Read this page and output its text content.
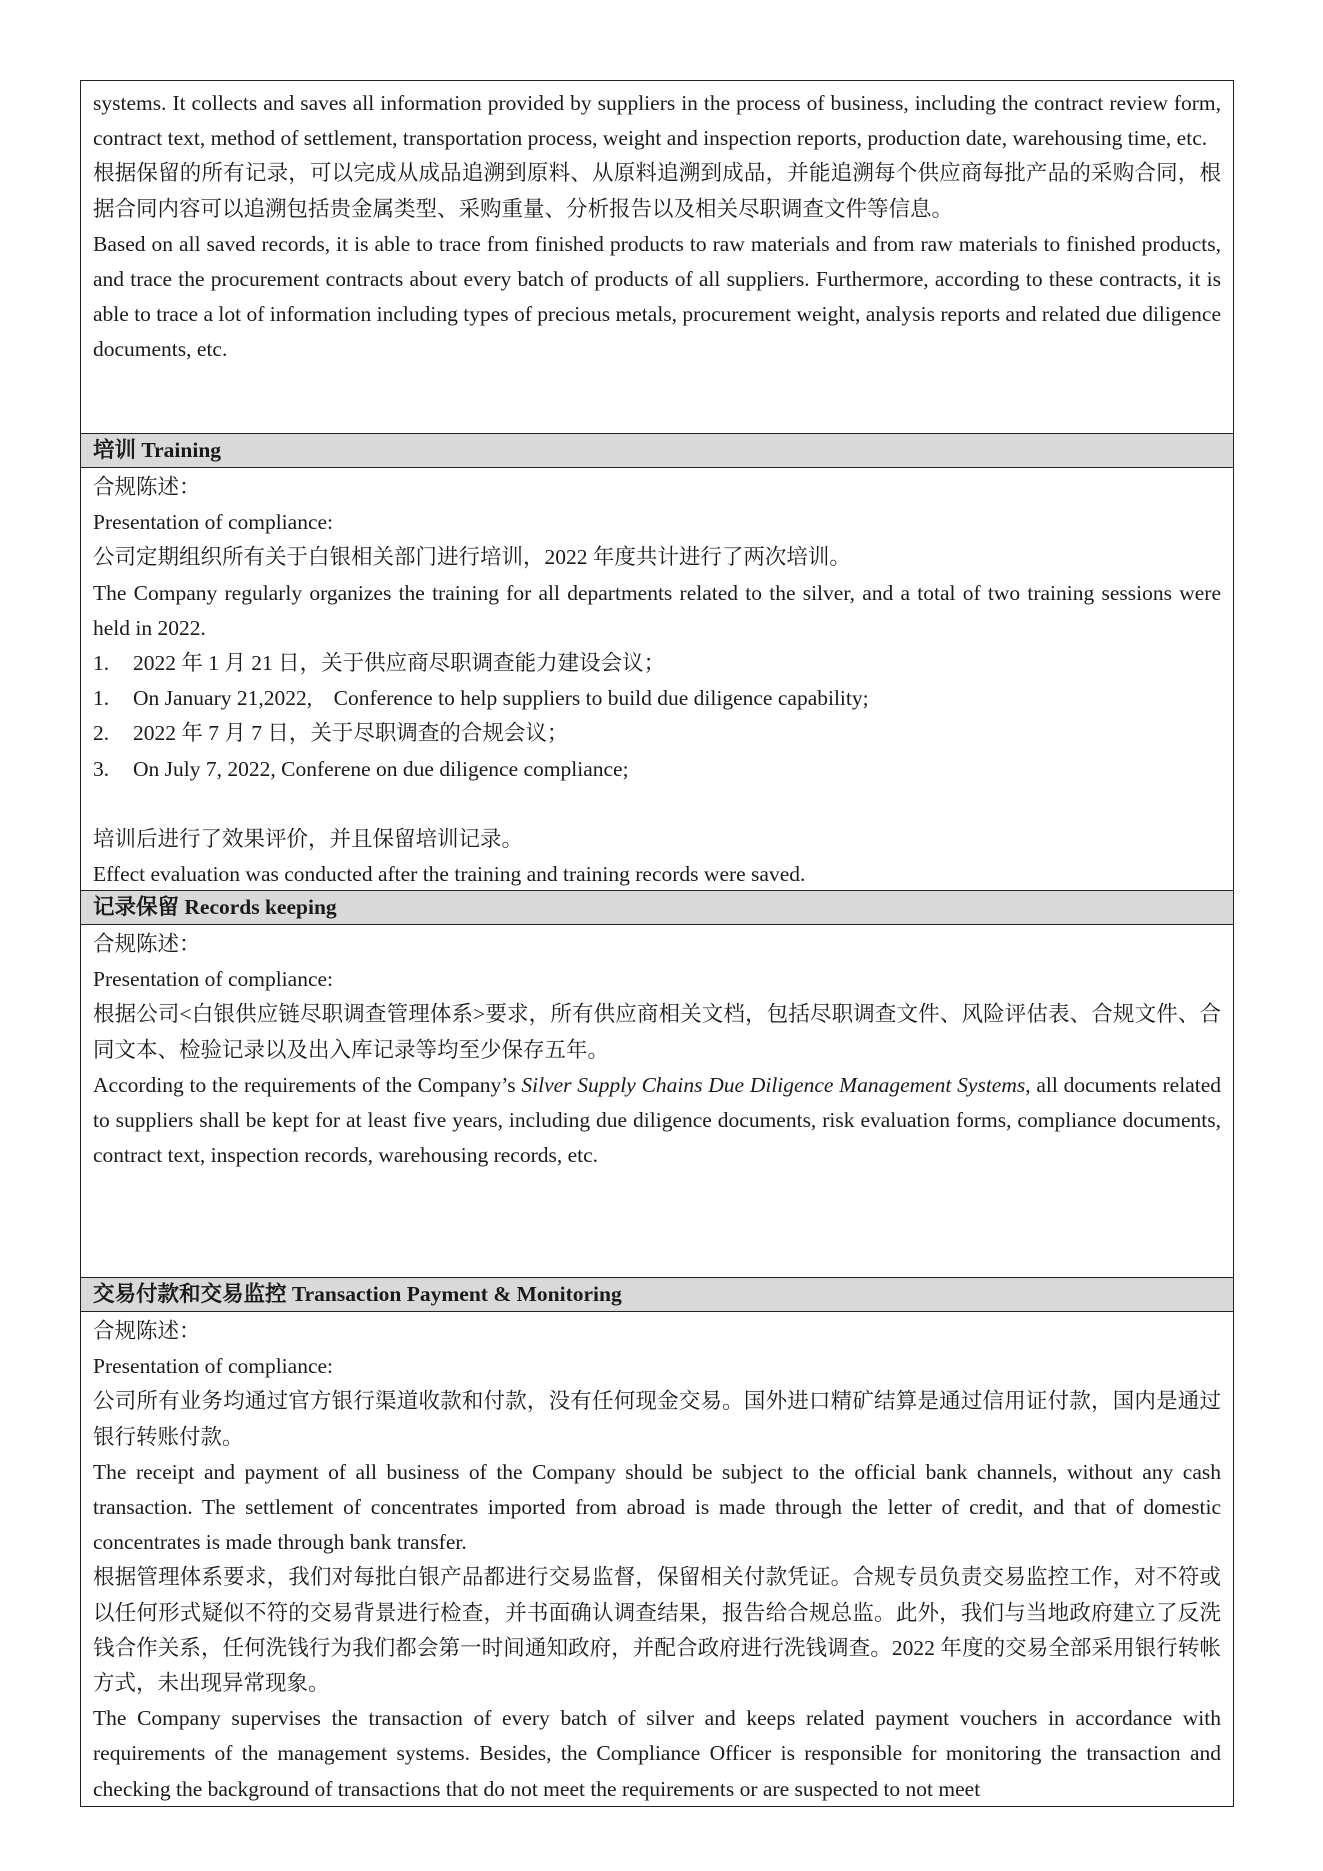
systems. It collects and saves all information provided by suppliers in the process of business, including the contract review form, contract text, method of settlement, transportation process, weight and inspection reports, production date, warehousing time, etc.

根据保留的所有记录，可以完成从成品追溯到原料、从原料追溯到成品，并能追溯每个供应商每批产品的采购合同，根据合同内容可以追溯包括贵金属类型、采购重量、分析报告以及相关尽职调查文件等信息。

Based on all saved records, it is able to trace from finished products to raw materials and from raw materials to finished products, and trace the procurement contracts about every batch of products of all suppliers. Furthermore, according to these contracts, it is able to trace a lot of information including types of precious metals, procurement weight, analysis reports and related due diligence documents, etc.

培训 Training

合规陈述：

Presentation of compliance:

公司定期组织所有关于白银相关部门进行培训，2022 年度共计进行了两次培训。

The Company regularly organizes the training for all departments related to the silver, and a total of two training sessions were held in 2022.

1.	2022 年 1 月 21 日，关于供应商尽职调查能力建设会议；
1.	On January 21,2022,    Conference to help suppliers to build due diligence capability;
2.	2022 年 7 月 7 日，关于尽职调查的合规会议；
3.	On July 7, 2022, Conferene on due diligence compliance;

培训后进行了效果评价，并且保留培训记录。

Effect evaluation was conducted after the training and training records were saved.

记录保留 Records keeping

合规陈述：

Presentation of compliance:

根据公司<白银供应链尽职调查管理体系>要求，所有供应商相关文档，包括尽职调查文件、风险评估表、合规文件、合同文本、检验记录以及出入库记录等均至少保存五年。

According to the requirements of the Company’s Silver Supply Chains Due Diligence Management Systems, all documents related to suppliers shall be kept for at least five years, including due diligence documents, risk evaluation forms, compliance documents, contract text, inspection records, warehousing records, etc.

交易付款和交易监控 Transaction Payment & Monitoring

合规陈述：

Presentation of compliance:

公司所有业务均通过官方银行渠道收款和付款，没有任何现金交易。国外进口精矿结算是通过信用证付款，国内是通过银行转账付款。

The receipt and payment of all business of the Company should be subject to the official bank channels, without any cash transaction. The settlement of concentrates imported from abroad is made through the letter of credit, and that of domestic concentrates is made through bank transfer.

根据管理体系要求，我们对每批白银产品都进行交易监督，保留相关付款凭证。合规专员负责交易监控工作，对不符或以任何形式疑似不符的交易背景进行检查，并书面确认调查结果，报告给合规总监。此外，我们与当地政府建立了反洗钱合作关系，任何洗钱行为我们都会第一时间通知政府，并配合政府进行洗钱调查。2022 年度的交易全部采用银行转帐方式，未出现异常现象。

The Company supervises the transaction of every batch of silver and keeps related payment vouchers in accordance with requirements of the management systems. Besides, the Compliance Officer is responsible for monitoring the transaction and checking the background of transactions that do not meet the requirements or are suspected to not meet
